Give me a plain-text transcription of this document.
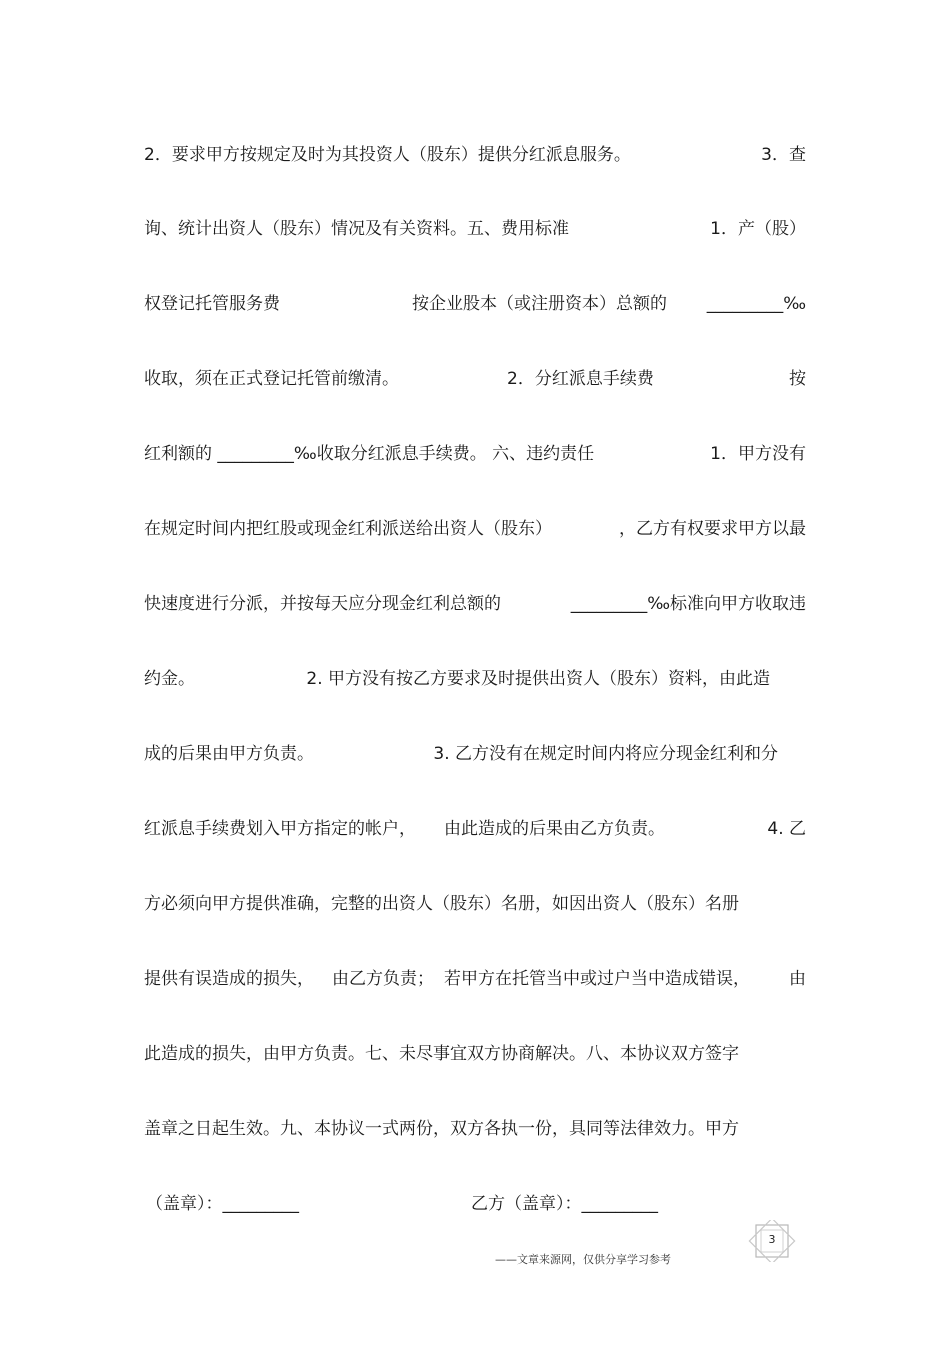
2．要求甲方按规定及时为其投资人（股东）提供分红派息服务。	3．查
询、统计出资人（股东）情况及有关资料。五、费用标准	1．产（股）
权登记托管服务费	按企业股本（或注册资本）总额的 _________‰
收取，须在正式登记托管前缴清。	2．分红派息手续费	按
红利额的 _________‰收取分红派息手续费。 六、违约责任	1．甲方没有
在规定时间内把红股或现金红利派送给出资人（股东）	，乙方有权要求甲方以最
快速度进行分派，并按每天应分现金红利总额的	_________‰标准向甲方收取违
约金。	2. 甲方没有按乙方要求及时提供出资人（股东）资料，由此造
成的后果由甲方负责。	3. 乙方没有在规定时间内将应分现金红利和分
红派息手续费划入甲方指定的帐户， 由此造成的后果由乙方负责。	4. 乙
方必须向甲方提供准确，完整的出资人（股东）名册，如因出资人（股东）名册
提供有误造成的损失， 由乙方负责； 若甲方在托管当中或过户当中造成错误， 由
此造成的损失，由甲方负责。七、未尽事宜双方协商解决。八、本协议双方签字
盖章之日起生效。九、本协议一式两份，双方各执一份，具同等法律效力。甲方
（盖章）：_________	乙方（盖章）：_________
3
——文章来源网，仅供分享学习参考
